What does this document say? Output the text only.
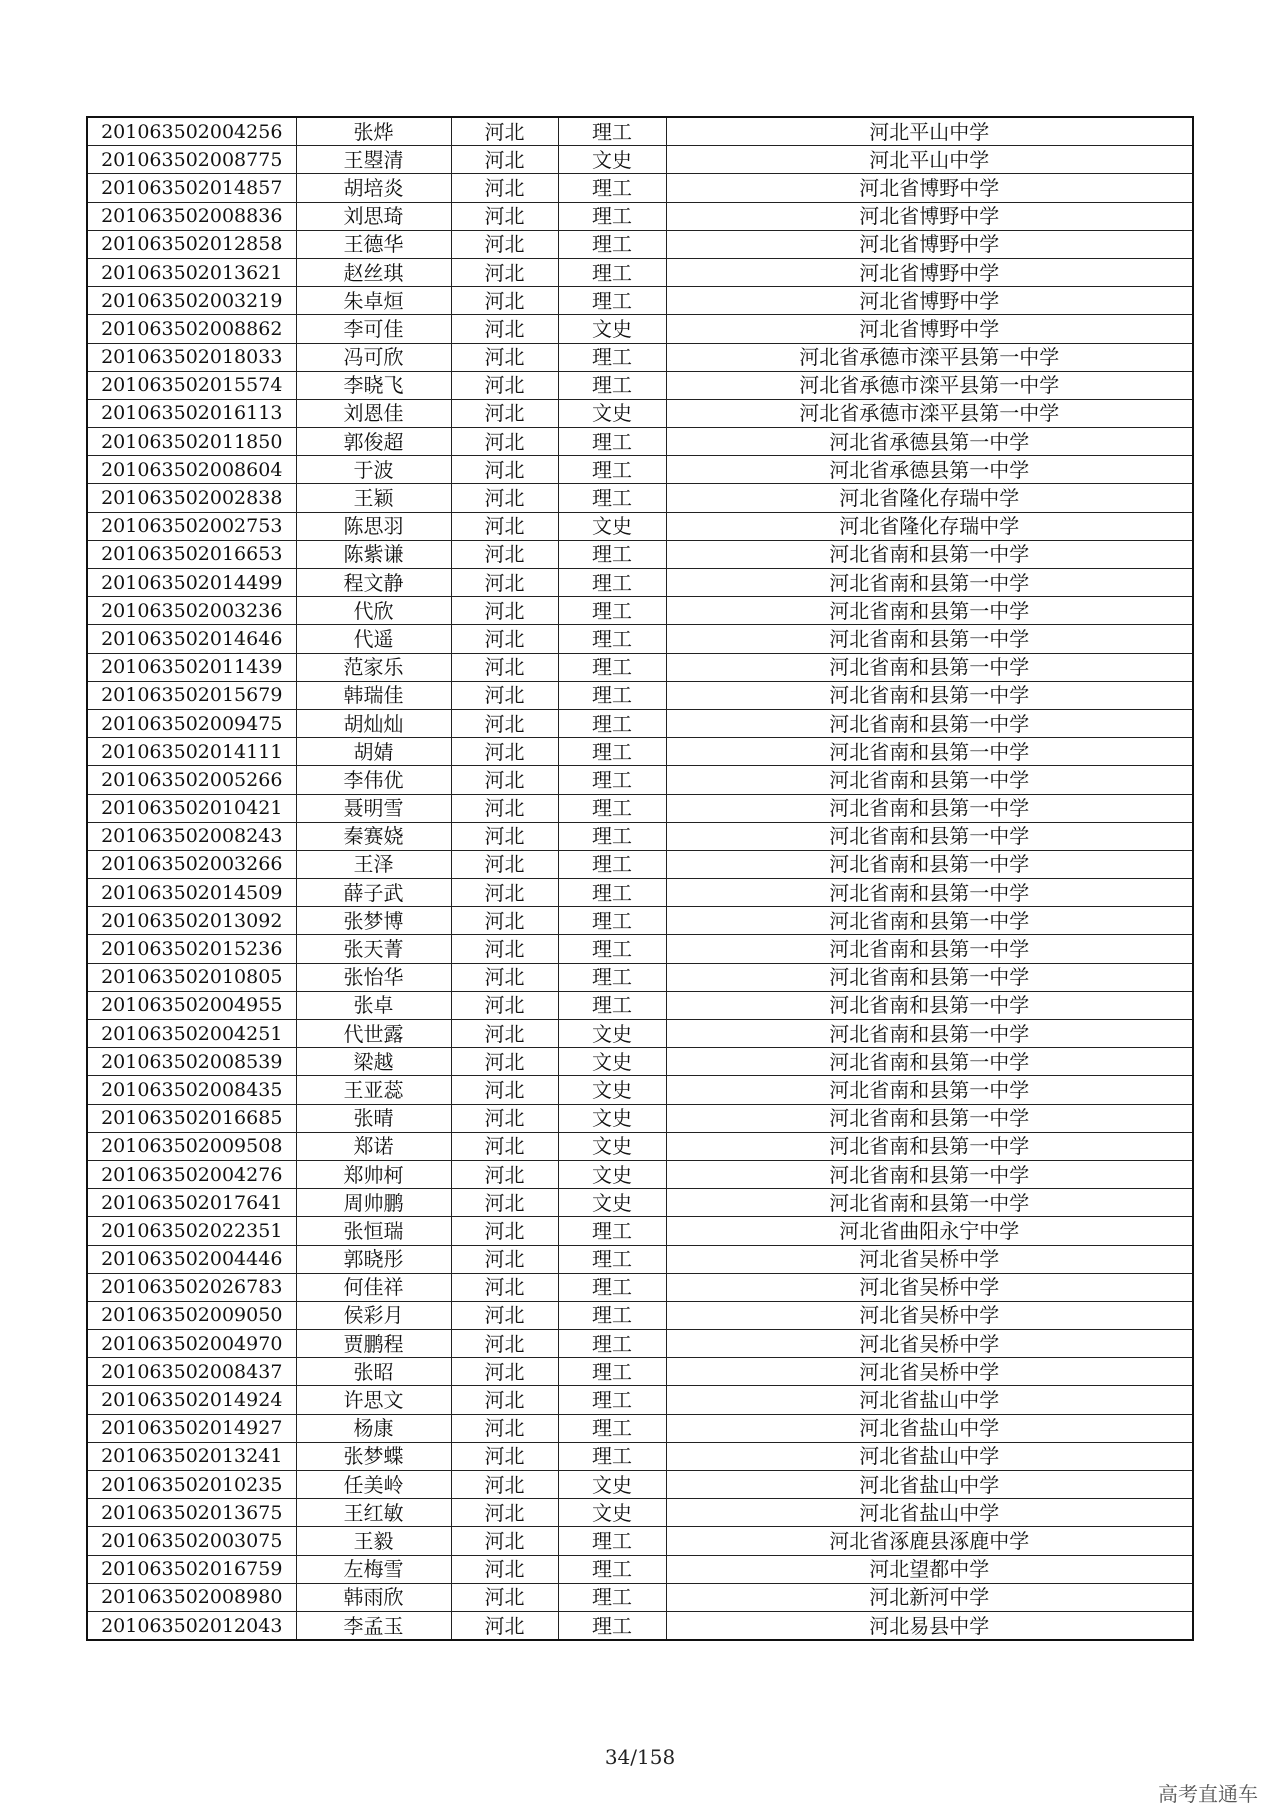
201063502004256	张烨	河北	理工	河北平山中学
201063502008775	王曌清	河北	文史	河北平山中学
201063502014857	胡培炎	河北	理工	河北省博野中学
201063502008836	刘思琦	河北	理工	河北省博野中学
201063502012858	王德华	河北	理工	河北省博野中学
201063502013621	赵丝琪	河北	理工	河北省博野中学
201063502003219	朱卓烜	河北	理工	河北省博野中学
201063502008862	李可佳	河北	文史	河北省博野中学
201063502018033	冯可欣	河北	理工	河北省承德市滦平县第一中学
201063502015574	李晓飞	河北	理工	河北省承德市滦平县第一中学
201063502016113	刘恩佳	河北	文史	河北省承德市滦平县第一中学
201063502011850	郭俊超	河北	理工	河北省承德县第一中学
201063502008604	于波	河北	理工	河北省承德县第一中学
201063502002838	王颖	河北	理工	河北省隆化存瑞中学
201063502002753	陈思羽	河北	文史	河北省隆化存瑞中学
201063502016653	陈紫谦	河北	理工	河北省南和县第一中学
201063502014499	程文静	河北	理工	河北省南和县第一中学
201063502003236	代欣	河北	理工	河北省南和县第一中学
201063502014646	代遥	河北	理工	河北省南和县第一中学
201063502011439	范家乐	河北	理工	河北省南和县第一中学
201063502015679	韩瑞佳	河北	理工	河北省南和县第一中学
201063502009475	胡灿灿	河北	理工	河北省南和县第一中学
201063502014111	胡婧	河北	理工	河北省南和县第一中学
201063502005266	李伟优	河北	理工	河北省南和县第一中学
201063502010421	聂明雪	河北	理工	河北省南和县第一中学
201063502008243	秦赛娆	河北	理工	河北省南和县第一中学
201063502003266	王泽	河北	理工	河北省南和县第一中学
201063502014509	薛子武	河北	理工	河北省南和县第一中学
201063502013092	张梦博	河北	理工	河北省南和县第一中学
201063502015236	张天菁	河北	理工	河北省南和县第一中学
201063502010805	张怡华	河北	理工	河北省南和县第一中学
201063502004955	张卓	河北	理工	河北省南和县第一中学
201063502004251	代世露	河北	文史	河北省南和县第一中学
201063502008539	梁越	河北	文史	河北省南和县第一中学
201063502008435	王亚蕊	河北	文史	河北省南和县第一中学
201063502016685	张晴	河北	文史	河北省南和县第一中学
201063502009508	郑诺	河北	文史	河北省南和县第一中学
201063502004276	郑帅柯	河北	文史	河北省南和县第一中学
201063502017641	周帅鹏	河北	文史	河北省南和县第一中学
201063502022351	张恒瑞	河北	理工	河北省曲阳永宁中学
201063502004446	郭晓彤	河北	理工	河北省吴桥中学
201063502026783	何佳祥	河北	理工	河北省吴桥中学
201063502009050	侯彩月	河北	理工	河北省吴桥中学
201063502004970	贾鹏程	河北	理工	河北省吴桥中学
201063502008437	张昭	河北	理工	河北省吴桥中学
201063502014924	许思文	河北	理工	河北省盐山中学
201063502014927	杨康	河北	理工	河北省盐山中学
201063502013241	张梦蝶	河北	理工	河北省盐山中学
201063502010235	任美岭	河北	文史	河北省盐山中学
201063502013675	王红敏	河北	文史	河北省盐山中学
201063502003075	王毅	河北	理工	河北省涿鹿县涿鹿中学
201063502016759	左梅雪	河北	理工	河北望都中学
201063502008980	韩雨欣	河北	理工	河北新河中学
201063502012043	李孟玉	河北	理工	河北易县中学
34/158
高考直通车
